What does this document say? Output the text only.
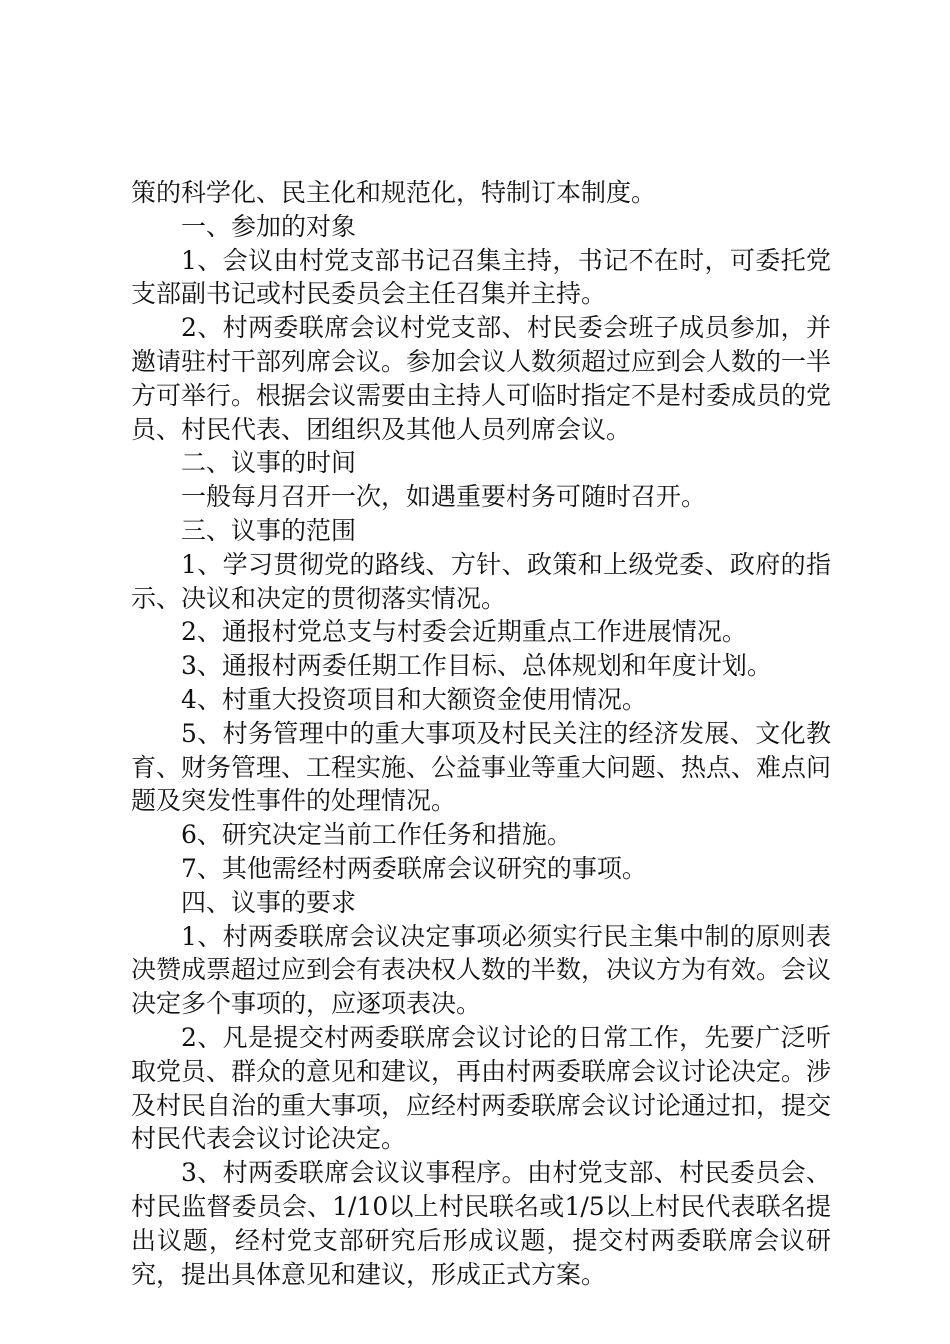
策的科学化、民主化和规范化，特制订本制度。

一、参加的对象

1、会议由村党支部书记召集主持，书记不在时，可委托党支部副书记或村民委员会主任召集并主持。

2、村两委联席会议村党支部、村民委会班子成员参加，并邀请驻村干部列席会议。参加会议人数须超过应到会人数的一半方可举行。根据会议需要由主持人可临时指定不是村委成员的党员、村民代表、团组织及其他人员列席会议。

二、议事的时间

一般每月召开一次，如遇重要村务可随时召开。

三、议事的范围

1、学习贯彻党的路线、方针、政策和上级党委、政府的指示、决议和决定的贯彻落实情况。

2、通报村党总支与村委会近期重点工作进展情况。

3、通报村两委任期工作目标、总体规划和年度计划。

4、村重大投资项目和大额资金使用情况。

5、村务管理中的重大事项及村民关注的经济发展、文化教育、财务管理、工程实施、公益事业等重大问题、热点、难点问题及突发性事件的处理情况。

6、研究决定当前工作任务和措施。

7、其他需经村两委联席会议研究的事项。

四、议事的要求

1、村两委联席会议决定事项必须实行民主集中制的原则表决赞成票超过应到会有表决权人数的半数，决议方为有效。会议决定多个事项的，应逐项表决。

2、凡是提交村两委联席会议讨论的日常工作，先要广泛听取党员、群众的意见和建议，再由村两委联席会议讨论决定。涉及村民自治的重大事项，应经村两委联席会议讨论通过扣，提交村民代表会议讨论决定。

3、村两委联席会议议事程序。由村党支部、村民委员会、村民监督委员会、1/10以上村民联名或1/5以上村民代表联名提出议题，经村党支部研究后形成议题，提交村两委联席会议研究，提出具体意见和建议，形成正式方案。
